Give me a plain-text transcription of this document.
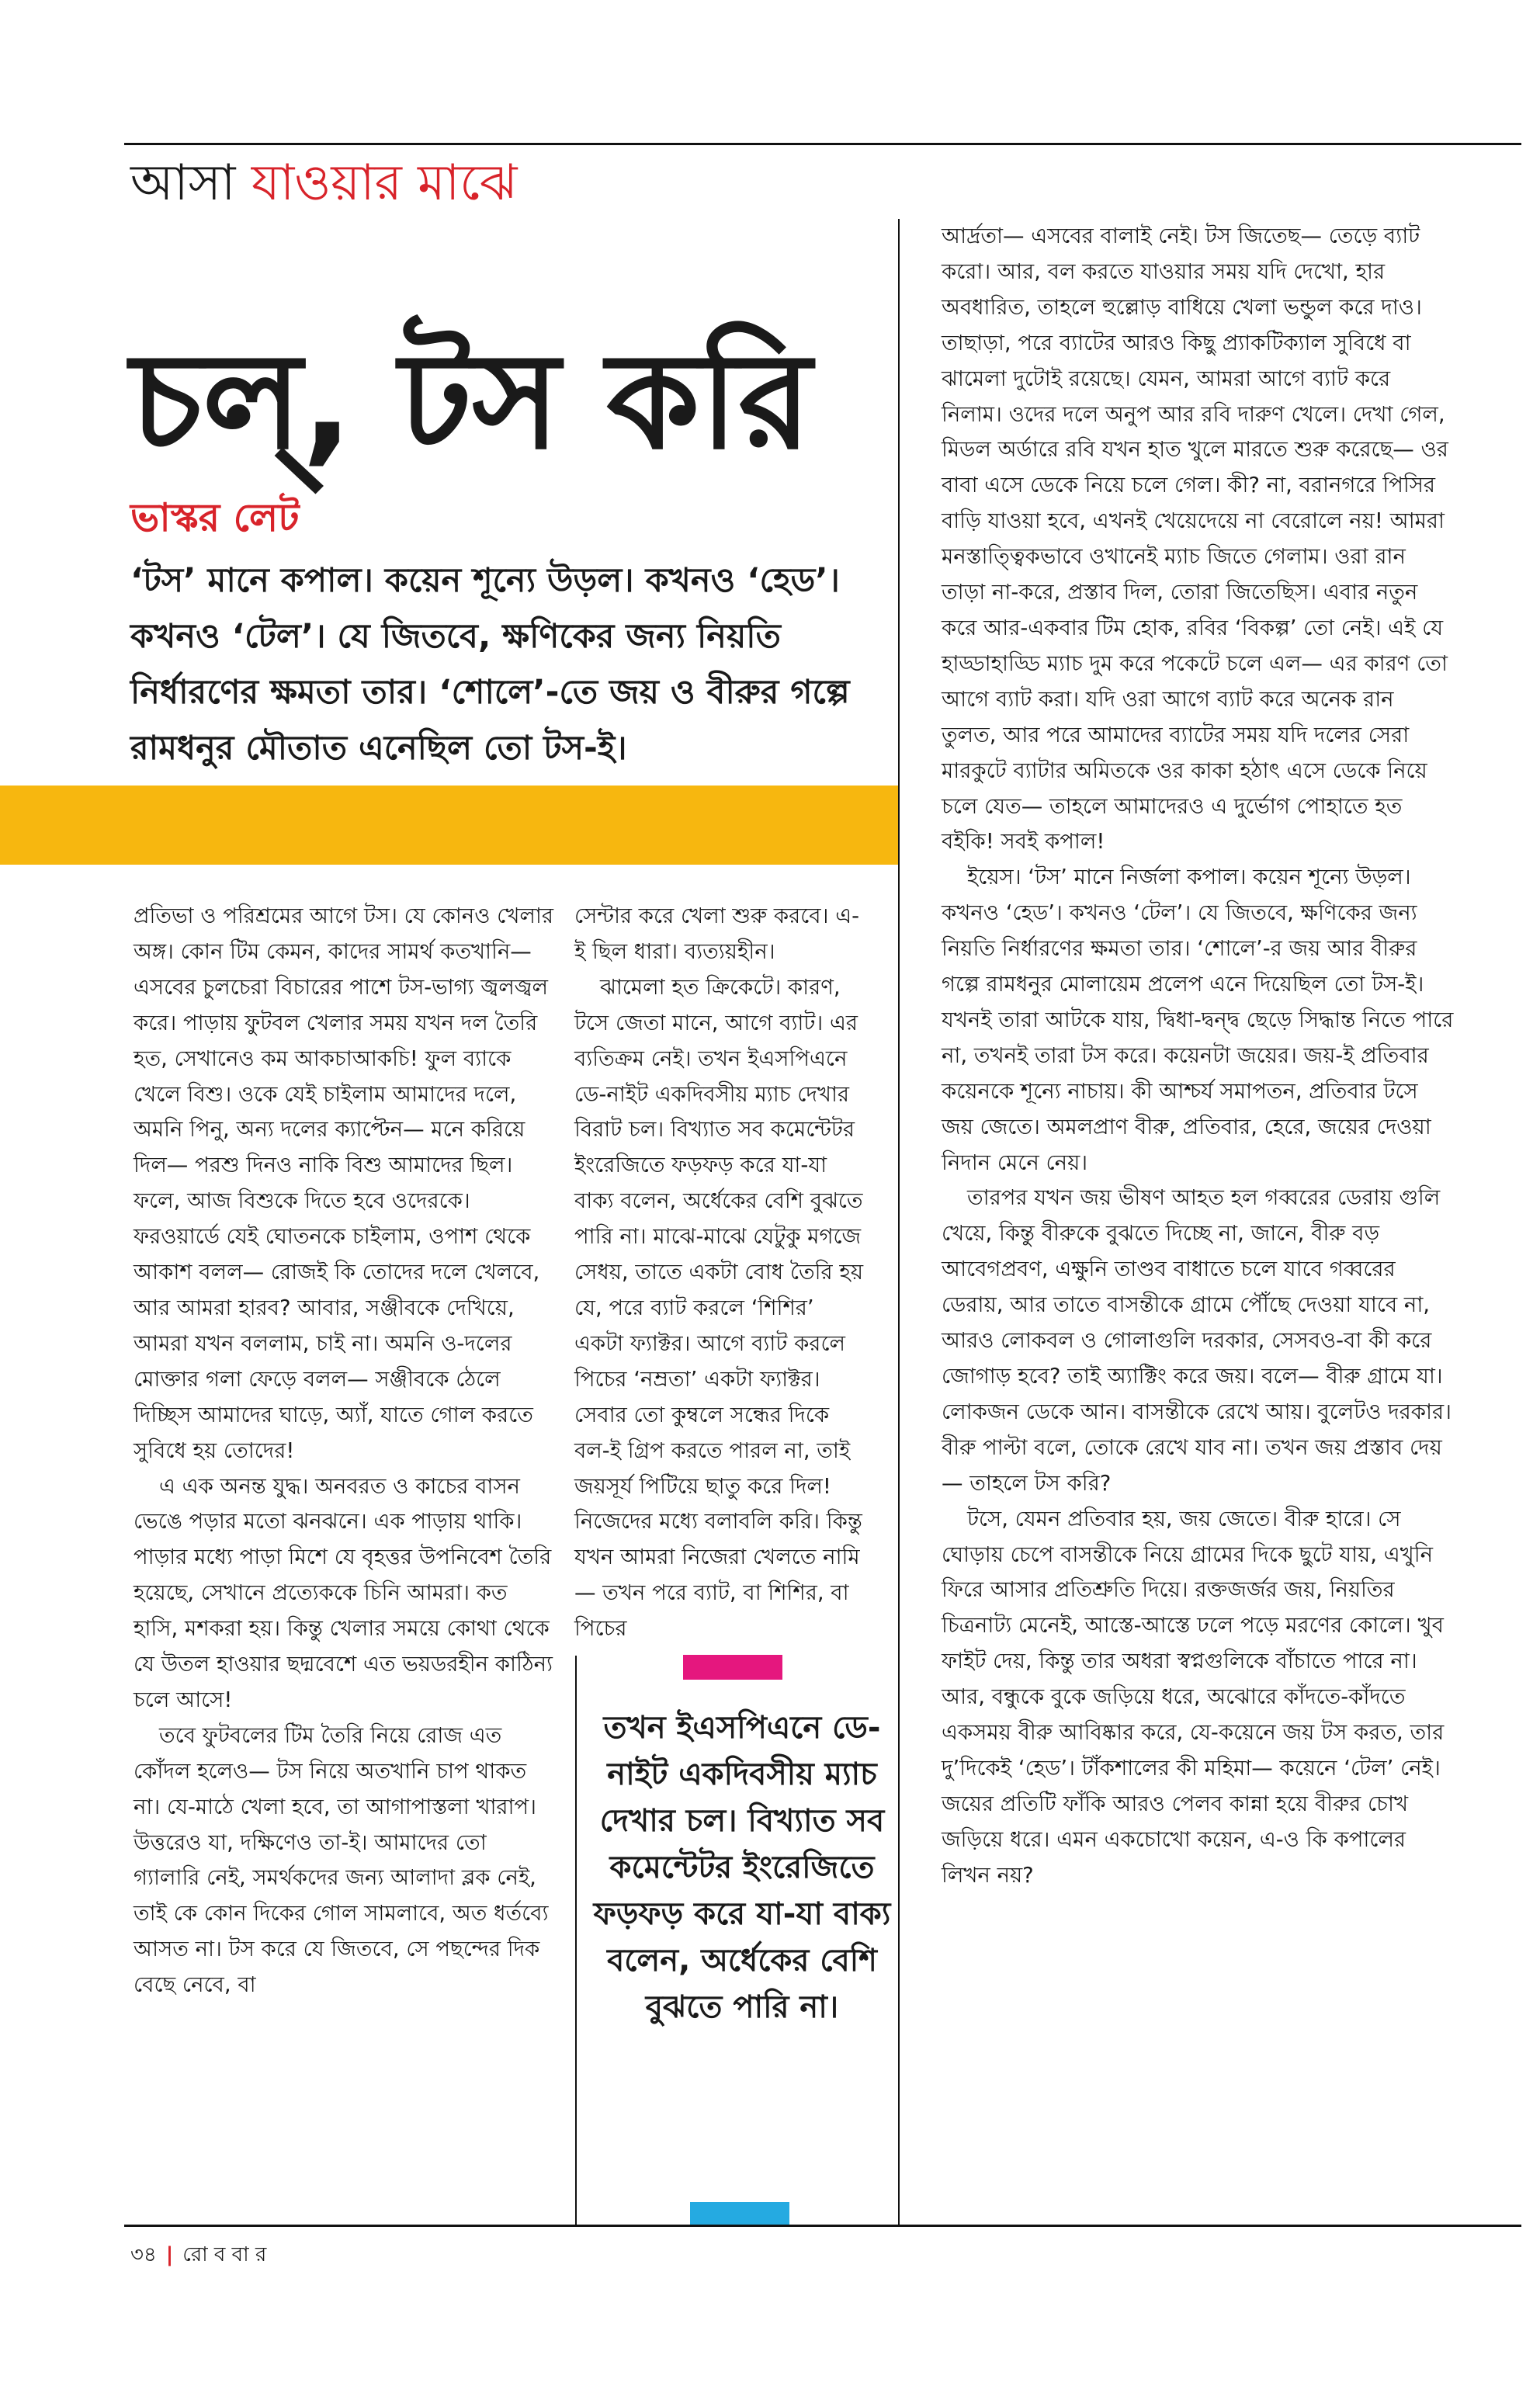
আসা যাওয়ার মাঝে
চল্‌, টস করি
ভাস্কর লেট
‘টস’ মানে কপাল। কয়েন শূন্যে উড়ল। কখনও ‘হেড’। কখনও ‘টেল’। যে জিতবে, ক্ষণিকের জন্য নিয়তি নির্ধারণের ক্ষমতা তার। ‘শোলে’-তে জয় ও বীরুর গল্পে রামধনুর মৌতাত এনেছিল তো টস-ই।

প্রতিভা ও পরিশ্রমের আগে টস। যে কোনও খেলার অঙ্গ। কোন টিম কেমন, কাদের সামর্থ কতখানি— এসবের চুলচেরা বিচারের পাশে টস-ভাগ্য জ্বলজ্বল করে। পাড়ায় ফুটবল খেলার সময় যখন দল তৈরি হত, সেখানেও কম আকচাআকচি! ফুল ব্যাকে খেলে বিশু। ওকে যেই চাইলাম আমাদের দলে, অমনি পিনু, অন্য দলের ক্যাপ্টেন— মনে করিয়ে দিল— পরশু দিনও নাকি বিশু আমাদের ছিল। ফলে, আজ বিশুকে দিতে হবে ওদেরকে। ফরওয়ার্ডে যেই ঘোতনকে চাইলাম, ওপাশ থেকে আকাশ বলল— রোজই কি তোদের দলে খেলবে, আর আমরা হারব? আবার, সঞ্জীবকে দেখিয়ে, আমরা যখন বললাম, চাই না। অমনি ও-দলের মোক্তার গলা ফেড়ে বলল— সঞ্জীবকে ঠেলে দিচ্ছিস আমাদের ঘাড়ে, অ্যাঁ, যাতে গোল করতে সুবিধে হয় তোদের!

এ এক অনন্ত যুদ্ধ। অনবরত ও কাচের বাসন ভেঙে পড়ার মতো ঝনঝনে। এক পাড়ায় থাকি। পাড়ার মধ্যে পাড়া মিশে যে বৃহত্তর উপনিবেশ তৈরি হয়েছে, সেখানে প্রত্যেককে চিনি আমরা। কত হাসি, মশকরা হয়। কিন্তু খেলার সময়ে কোথা থেকে যে উতল হাওয়ার ছদ্মবেশে এত ভয়ডরহীন কাঠিন্য চলে আসে!

তবে ফুটবলের টিম তৈরি নিয়ে রোজ এত কোঁদল হলেও— টস নিয়ে অতখানি চাপ থাকত না। যে-মাঠে খেলা হবে, তা আগাপাস্তলা খারাপ। উত্তরেও যা, দক্ষিণেও তা-ই। আমাদের তো গ্যালারি নেই, সমর্থকদের জন্য আলাদা ব্লক নেই, তাই কে কোন দিকের গোল সামলাবে, অত ধর্তব্যে আসত না। টস করে যে জিতবে, সে পছন্দের দিক বেছে নেবে, বা

সেন্টার করে খেলা শুরু করবে। এ-ই ছিল ধারা। ব্যত্যয়হীন।

ঝামেলা হত ক্রিকেটে। কারণ, টসে জেতা মানে, আগে ব্যাট। এর ব্যতিক্রম নেই। তখন ইএসপিএনে ডে-নাইট একদিবসীয় ম্যাচ দেখার বিরাট চল। বিখ্যাত সব কমেন্টেটর ইংরেজিতে ফড়ফড় করে যা-যা বাক্য বলেন, অর্ধেকের বেশি বুঝতে পারি না। মাঝে-মাঝে যেটুকু মগজে সেধয়, তাতে একটা বোধ তৈরি হয় যে, পরে ব্যাট করলে ‘শিশির’ একটা ফ্যাক্টর। আগে ব্যাট করলে পিচের ‘নম্রতা’ একটা ফ্যাক্টর। সেবার তো কুম্বলে সন্ধের দিকে বল-ই গ্রিপ করতে পারল না, তাই জয়সূর্য পিটিয়ে ছাতু করে দিল! নিজেদের মধ্যে বলাবলি করি। কিন্তু যখন আমরা নিজেরা খেলতে নামি— তখন পরে ব্যাট, বা শিশির, বা পিচের

তখন ইএসপিএনে ডে-নাইট একদিবসীয় ম্যাচ দেখার চল। বিখ্যাত সব কমেন্টেটর ইংরেজিতে ফড়ফড় করে যা-যা বাক্য বলেন, অর্ধেকের বেশি বুঝতে পারি না।

আর্দ্রতা— এসবের বালাই নেই। টস জিতেছ— তেড়ে ব্যাট করো। আর, বল করতে যাওয়ার সময় যদি দেখো, হার অবধারিত, তাহলে হুল্লোড় বাধিয়ে খেলা ভন্ডুল করে দাও। তাছাড়া, পরে ব্যাটের আরও কিছু প্র্যাকটিক্যাল সুবিধে বা ঝামেলা দুটোই রয়েছে। যেমন, আমরা আগে ব্যাট করে নিলাম। ওদের দলে অনুপ আর রবি দারুণ খেলে। দেখা গেল, মিডল অর্ডারে রবি যখন হাত খুলে মারতে শুরু করেছে— ওর বাবা এসে ডেকে নিয়ে চলে গেল। কী? না, বরানগরে পিসির বাড়ি যাওয়া হবে, এখনই খেয়েদেয়ে না বেরোলে নয়! আমরা মনস্তাত্ত্বিকভাবে ওখানেই ম্যাচ জিতে গেলাম। ওরা রান তাড়া না-করে, প্রস্তাব দিল, তোরা জিতেছিস। এবার নতুন করে আর-একবার টিম হোক, রবির ‘বিকল্প’ তো নেই। এই যে হাড্ডাহাড্ডি ম্যাচ দুম করে পকেটে চলে এল— এর কারণ তো আগে ব্যাট করা। যদি ওরা আগে ব্যাট করে অনেক রান তুলত, আর পরে আমাদের ব্যাটের সময় যদি দলের সেরা মারকুটে ব্যাটার অমিতকে ওর কাকা হঠাৎ এসে ডেকে নিয়ে চলে যেত— তাহলে আমাদেরও এ দুর্ভোগ পোহাতে হত বইকি! সবই কপাল!

ইয়েস। ‘টস’ মানে নির্জলা কপাল। কয়েন শূন্যে উড়ল। কখনও ‘হেড’। কখনও ‘টেল’। যে জিতবে, ক্ষণিকের জন্য নিয়তি নির্ধারণের ক্ষমতা তার। ‘শোলে’-র জয় আর বীরুর গল্পে রামধনুর মোলায়েম প্রলেপ এনে দিয়েছিল তো টস-ই। যখনই তারা আটকে যায়, দ্বিধা-দ্বন্দ্ব ছেড়ে সিদ্ধান্ত নিতে পারে না, তখনই তারা টস করে। কয়েনটা জয়ের। জয়-ই প্রতিবার কয়েনকে শূন্যে নাচায়। কী আশ্চর্য সমাপতন, প্রতিবার টসে জয় জেতে। অমলপ্রাণ বীরু, প্রতিবার, হেরে, জয়ের দেওয়া নিদান মেনে নেয়।

তারপর যখন জয় ভীষণ আহত হল গব্বরের ডেরায় গুলি খেয়ে, কিন্তু বীরুকে বুঝতে দিচ্ছে না, জানে, বীরু বড় আবেগপ্রবণ, এক্ষুনি তাণ্ডব বাধাতে চলে যাবে গব্বরের ডেরায়, আর তাতে বাসন্তীকে গ্রামে পৌঁছে দেওয়া যাবে না, আরও লোকবল ও গোলাগুলি দরকার, সেসবও-বা কী করে জোগাড় হবে? তাই অ্যাক্টিং করে জয়। বলে— বীরু গ্রামে যা। লোকজন ডেকে আন। বাসন্তীকে রেখে আয়। বুলেটও দরকার। বীরু পাল্টা বলে, তোকে রেখে যাব না। তখন জয় প্রস্তাব দেয়— তাহলে টস করি?

টসে, যেমন প্রতিবার হয়, জয় জেতে। বীরু হারে। সে ঘোড়ায় চেপে বাসন্তীকে নিয়ে গ্রামের দিকে ছুটে যায়, এখুনি ফিরে আসার প্রতিশ্রুতি দিয়ে। রক্তজর্জর জয়, নিয়তির চিত্রনাট্য মেনেই, আস্তে-আস্তে ঢলে পড়ে মরণের কোলে। খুব ফাইট দেয়, কিন্তু তার অধরা স্বপ্নগুলিকে বাঁচাতে পারে না। আর, বন্ধুকে বুকে জড়িয়ে ধরে, অঝোরে কাঁদতে-কাঁদতে একসময় বীরু আবিষ্কার করে, যে-কয়েনে জয় টস করত, তার দু’দিকেই ‘হেড’। টাঁকশালের কী মহিমা— কয়েনে ‘টেল’ নেই। জয়ের প্রতিটি ফাঁকি আরও পেলব কান্না হয়ে বীরুর চোখ জড়িয়ে ধরে। এমন একচোখো কয়েন, এ-ও কি কপালের লিখন নয়?

৩৪ | রো ব বা র
